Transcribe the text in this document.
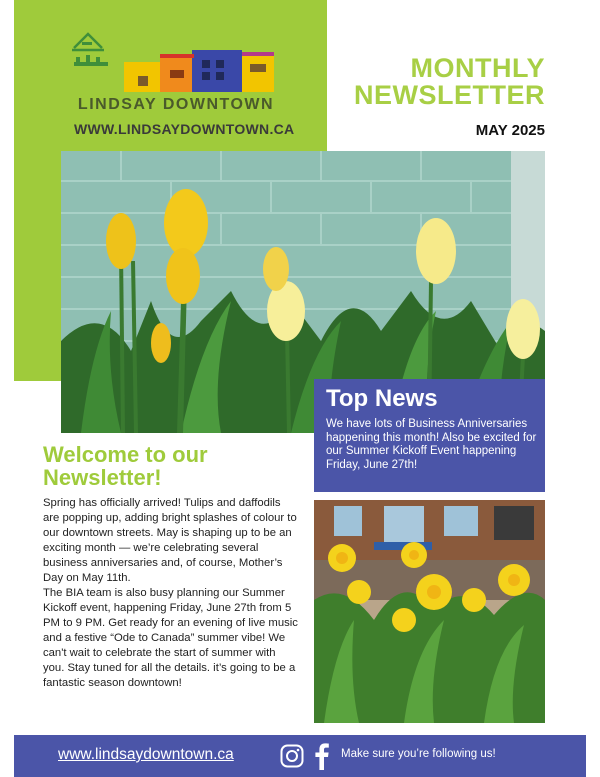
LINDSAY DOWNTOWN
WWW.LINDSAYDOWNTOWN.CA
MONTHLY
NEWSLETTER
MAY 2025
Top News
We have lots of Business Anniversaries happening this month! Also be excited for our Summer Kickoff Event happening Friday, June 27th!
Welcome to our Newsletter!

Spring has officially arrived! Tulips and daffodils are popping up, adding bright splashes of colour to our downtown streets. May is shaping up to be an exciting month — we’re celebrating several business anniversaries and, of course, Mother’s Day on May 11th.

The BIA team is also busy planning our Summer Kickoff event, happening Friday, June 27th from 5 PM to 9 PM. Get ready for an evening of live music and a festive “Ode to Canada” summer vibe! We can't wait to celebrate the start of summer with you. Stay tuned for all the details. it’s going to be a fantastic season downtown!

www.lindsaydowntown.ca	Make sure you’re following us!
